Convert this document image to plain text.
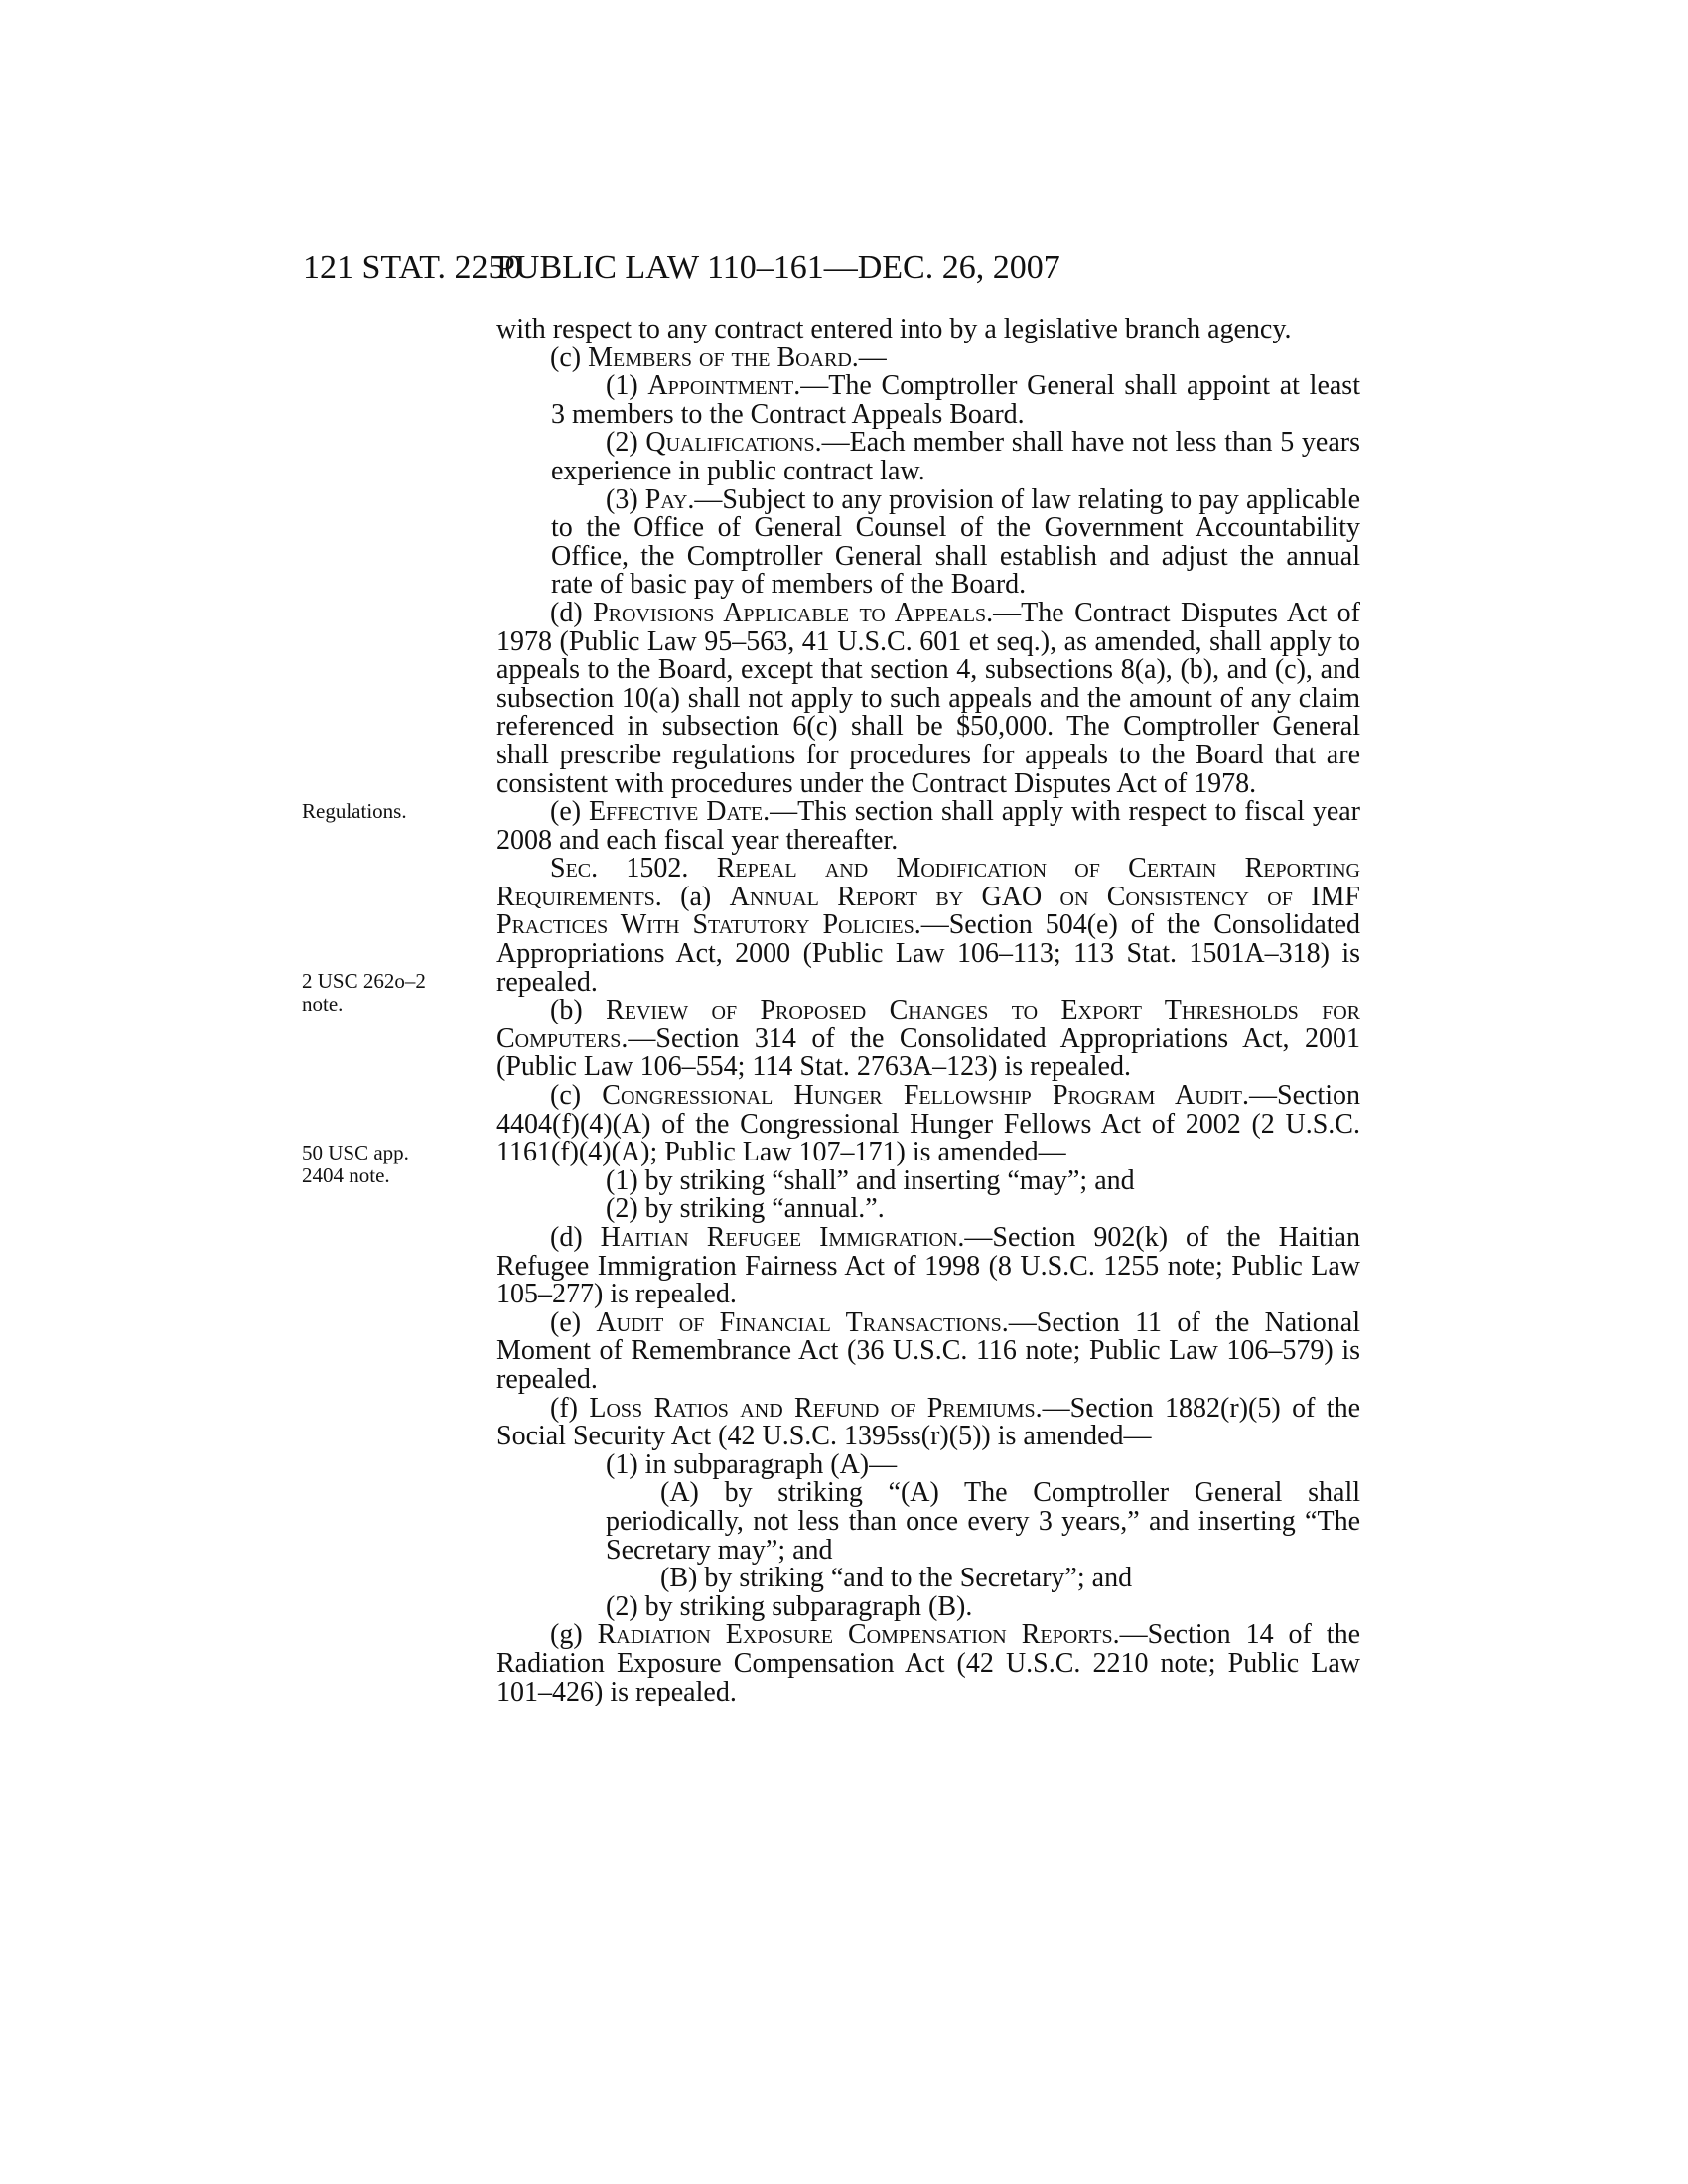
121 STAT. 2250
PUBLIC LAW 110–161—DEC. 26, 2007
Regulations.
2 USC 262o–2 note.
50 USC app. 2404 note.

with respect to any contract entered into by a legislative branch agency.

(c) Members of the Board.—

(1) Appointment.—The Comptroller General shall appoint at least 3 members to the Contract Appeals Board.

(2) Qualifications.—Each member shall have not less than 5 years experience in public contract law.

(3) Pay.—Subject to any provision of law relating to pay applicable to the Office of General Counsel of the Government Accountability Office, the Comptroller General shall establish and adjust the annual rate of basic pay of members of the Board.

(d) Provisions Applicable to Appeals.—The Contract Disputes Act of 1978 (Public Law 95–563, 41 U.S.C. 601 et seq.), as amended, shall apply to appeals to the Board, except that section 4, subsections 8(a), (b), and (c), and subsection 10(a) shall not apply to such appeals and the amount of any claim referenced in subsection 6(c) shall be $50,000. The Comptroller General shall prescribe regulations for procedures for appeals to the Board that are consistent with procedures under the Contract Disputes Act of 1978.

(e) Effective Date.—This section shall apply with respect to fiscal year 2008 and each fiscal year thereafter.

Sec. 1502. Repeal and Modification of Certain Reporting Requirements. (a) Annual Report by GAO on Consistency of IMF Practices With Statutory Policies.—Section 504(e) of the Consolidated Appropriations Act, 2000 (Public Law 106–113; 113 Stat. 1501A–318) is repealed.

(b) Review of Proposed Changes to Export Thresholds for Computers.—Section 314 of the Consolidated Appropriations Act, 2001 (Public Law 106–554; 114 Stat. 2763A–123) is repealed.

(c) Congressional Hunger Fellowship Program Audit.—Section 4404(f)(4)(A) of the Congressional Hunger Fellows Act of 2002 (2 U.S.C. 1161(f)(4)(A); Public Law 107–171) is amended—

(1) by striking “shall” and inserting “may”; and

(2) by striking “annual.”.

(d) Haitian Refugee Immigration.—Section 902(k) of the Haitian Refugee Immigration Fairness Act of 1998 (8 U.S.C. 1255 note; Public Law 105–277) is repealed.

(e) Audit of Financial Transactions.—Section 11 of the National Moment of Remembrance Act (36 U.S.C. 116 note; Public Law 106–579) is repealed.

(f) Loss Ratios and Refund of Premiums.—Section 1882(r)(5) of the Social Security Act (42 U.S.C. 1395ss(r)(5)) is amended—

(1) in subparagraph (A)—

(A) by striking “(A) The Comptroller General shall periodically, not less than once every 3 years,” and inserting “The Secretary may”; and

(B) by striking “and to the Secretary”; and

(2) by striking subparagraph (B).

(g) Radiation Exposure Compensation Reports.—Section 14 of the Radiation Exposure Compensation Act (42 U.S.C. 2210 note; Public Law 101–426) is repealed.
